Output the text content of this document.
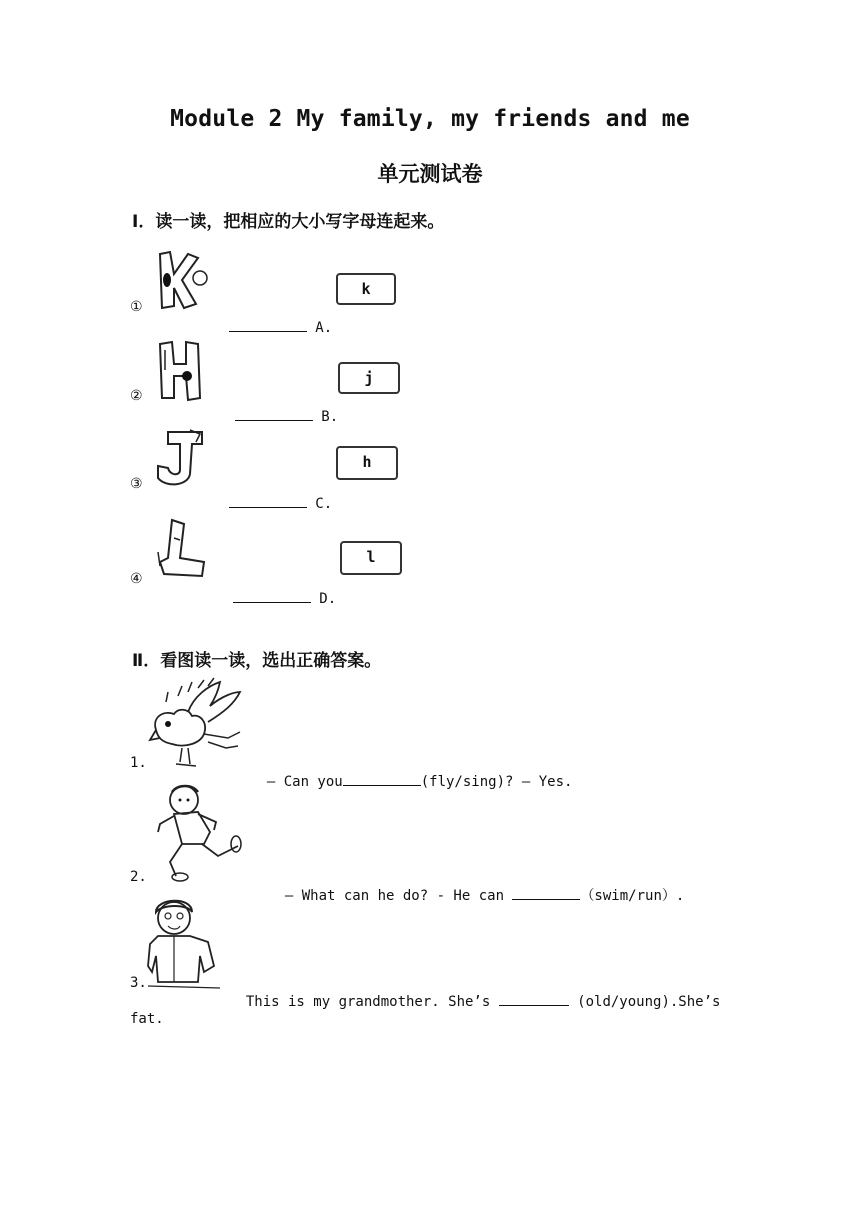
Module 2 My family, my friends and me
单元测试卷
Ⅰ．读一读，把相应的大小写字母连起来。
①

A.

k
②

B.

j
③

C.

h
④

D.

l
Ⅱ．看图读一读，选出正确答案。
1.

— Can you	(fly/sing)? — Yes.

2.

— What can he do? - He can	（swim/run）.

3.

This is my grandmother. She’s	(old/young).She’s

fat.
